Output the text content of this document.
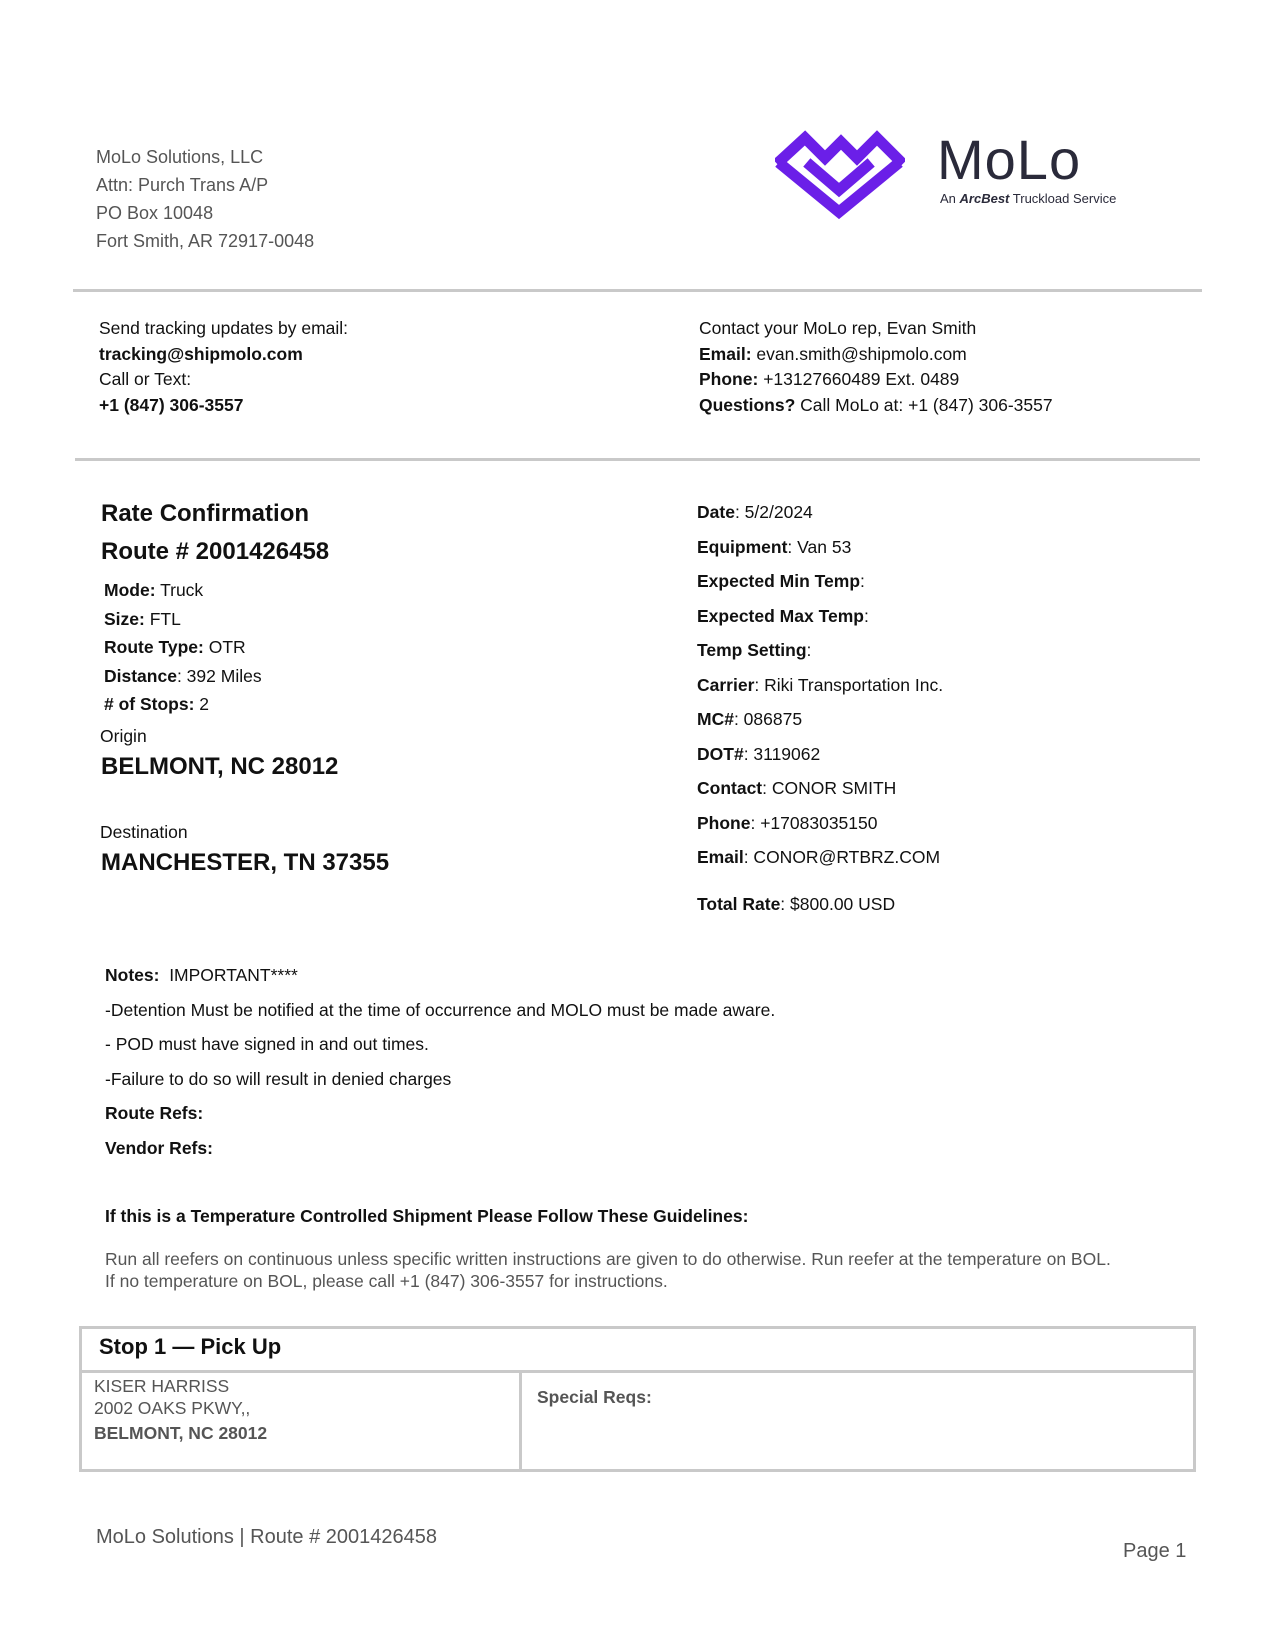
MoLo Solutions, LLC
Attn: Purch Trans A/P
PO Box 10048
Fort Smith, AR 72917-0048
MoLo
An ArcBest Truckload Service
Send tracking updates by email:
tracking@shipmolo.com
Call or Text:
+1 (847) 306-3557
Contact your MoLo rep, Evan Smith
Email: evan.smith@shipmolo.com
Phone: +13127660489 Ext. 0489
Questions? Call MoLo at: +1 (847) 306-3557
Rate Confirmation
Route # 2001426458
Mode: Truck
Size: FTL
Route Type: OTR
Distance: 392 Miles
# of Stops: 2
Origin
BELMONT, NC 28012
Destination
MANCHESTER, TN 37355
Date: 5/2/2024
Equipment: Van 53
Expected Min Temp:
Expected Max Temp:
Temp Setting:
Carrier: Riki Transportation Inc.
MC#: 086875
DOT#: 3119062
Contact: CONOR SMITH
Phone: +17083035150
Email: CONOR@RTBRZ.COM
Total Rate: $800.00 USD
Notes: IMPORTANT****
-Detention Must be notified at the time of occurrence and MOLO must be made aware.
- POD must have signed in and out times.
-Failure to do so will result in denied charges
Route Refs:
Vendor Refs:
If this is a Temperature Controlled Shipment Please Follow These Guidelines:
Run all reefers on continuous unless specific written instructions are given to do otherwise. Run reefer at the temperature on BOL.
If no temperature on BOL, please call +1 (847) 306-3557 for instructions.
Stop 1 — Pick Up

KISER HARRISS
2002 OAKS PKWY,,
BELMONT, NC 28012
	Special Reqs:
MoLo Solutions | Route # 2001426458
Page 1
